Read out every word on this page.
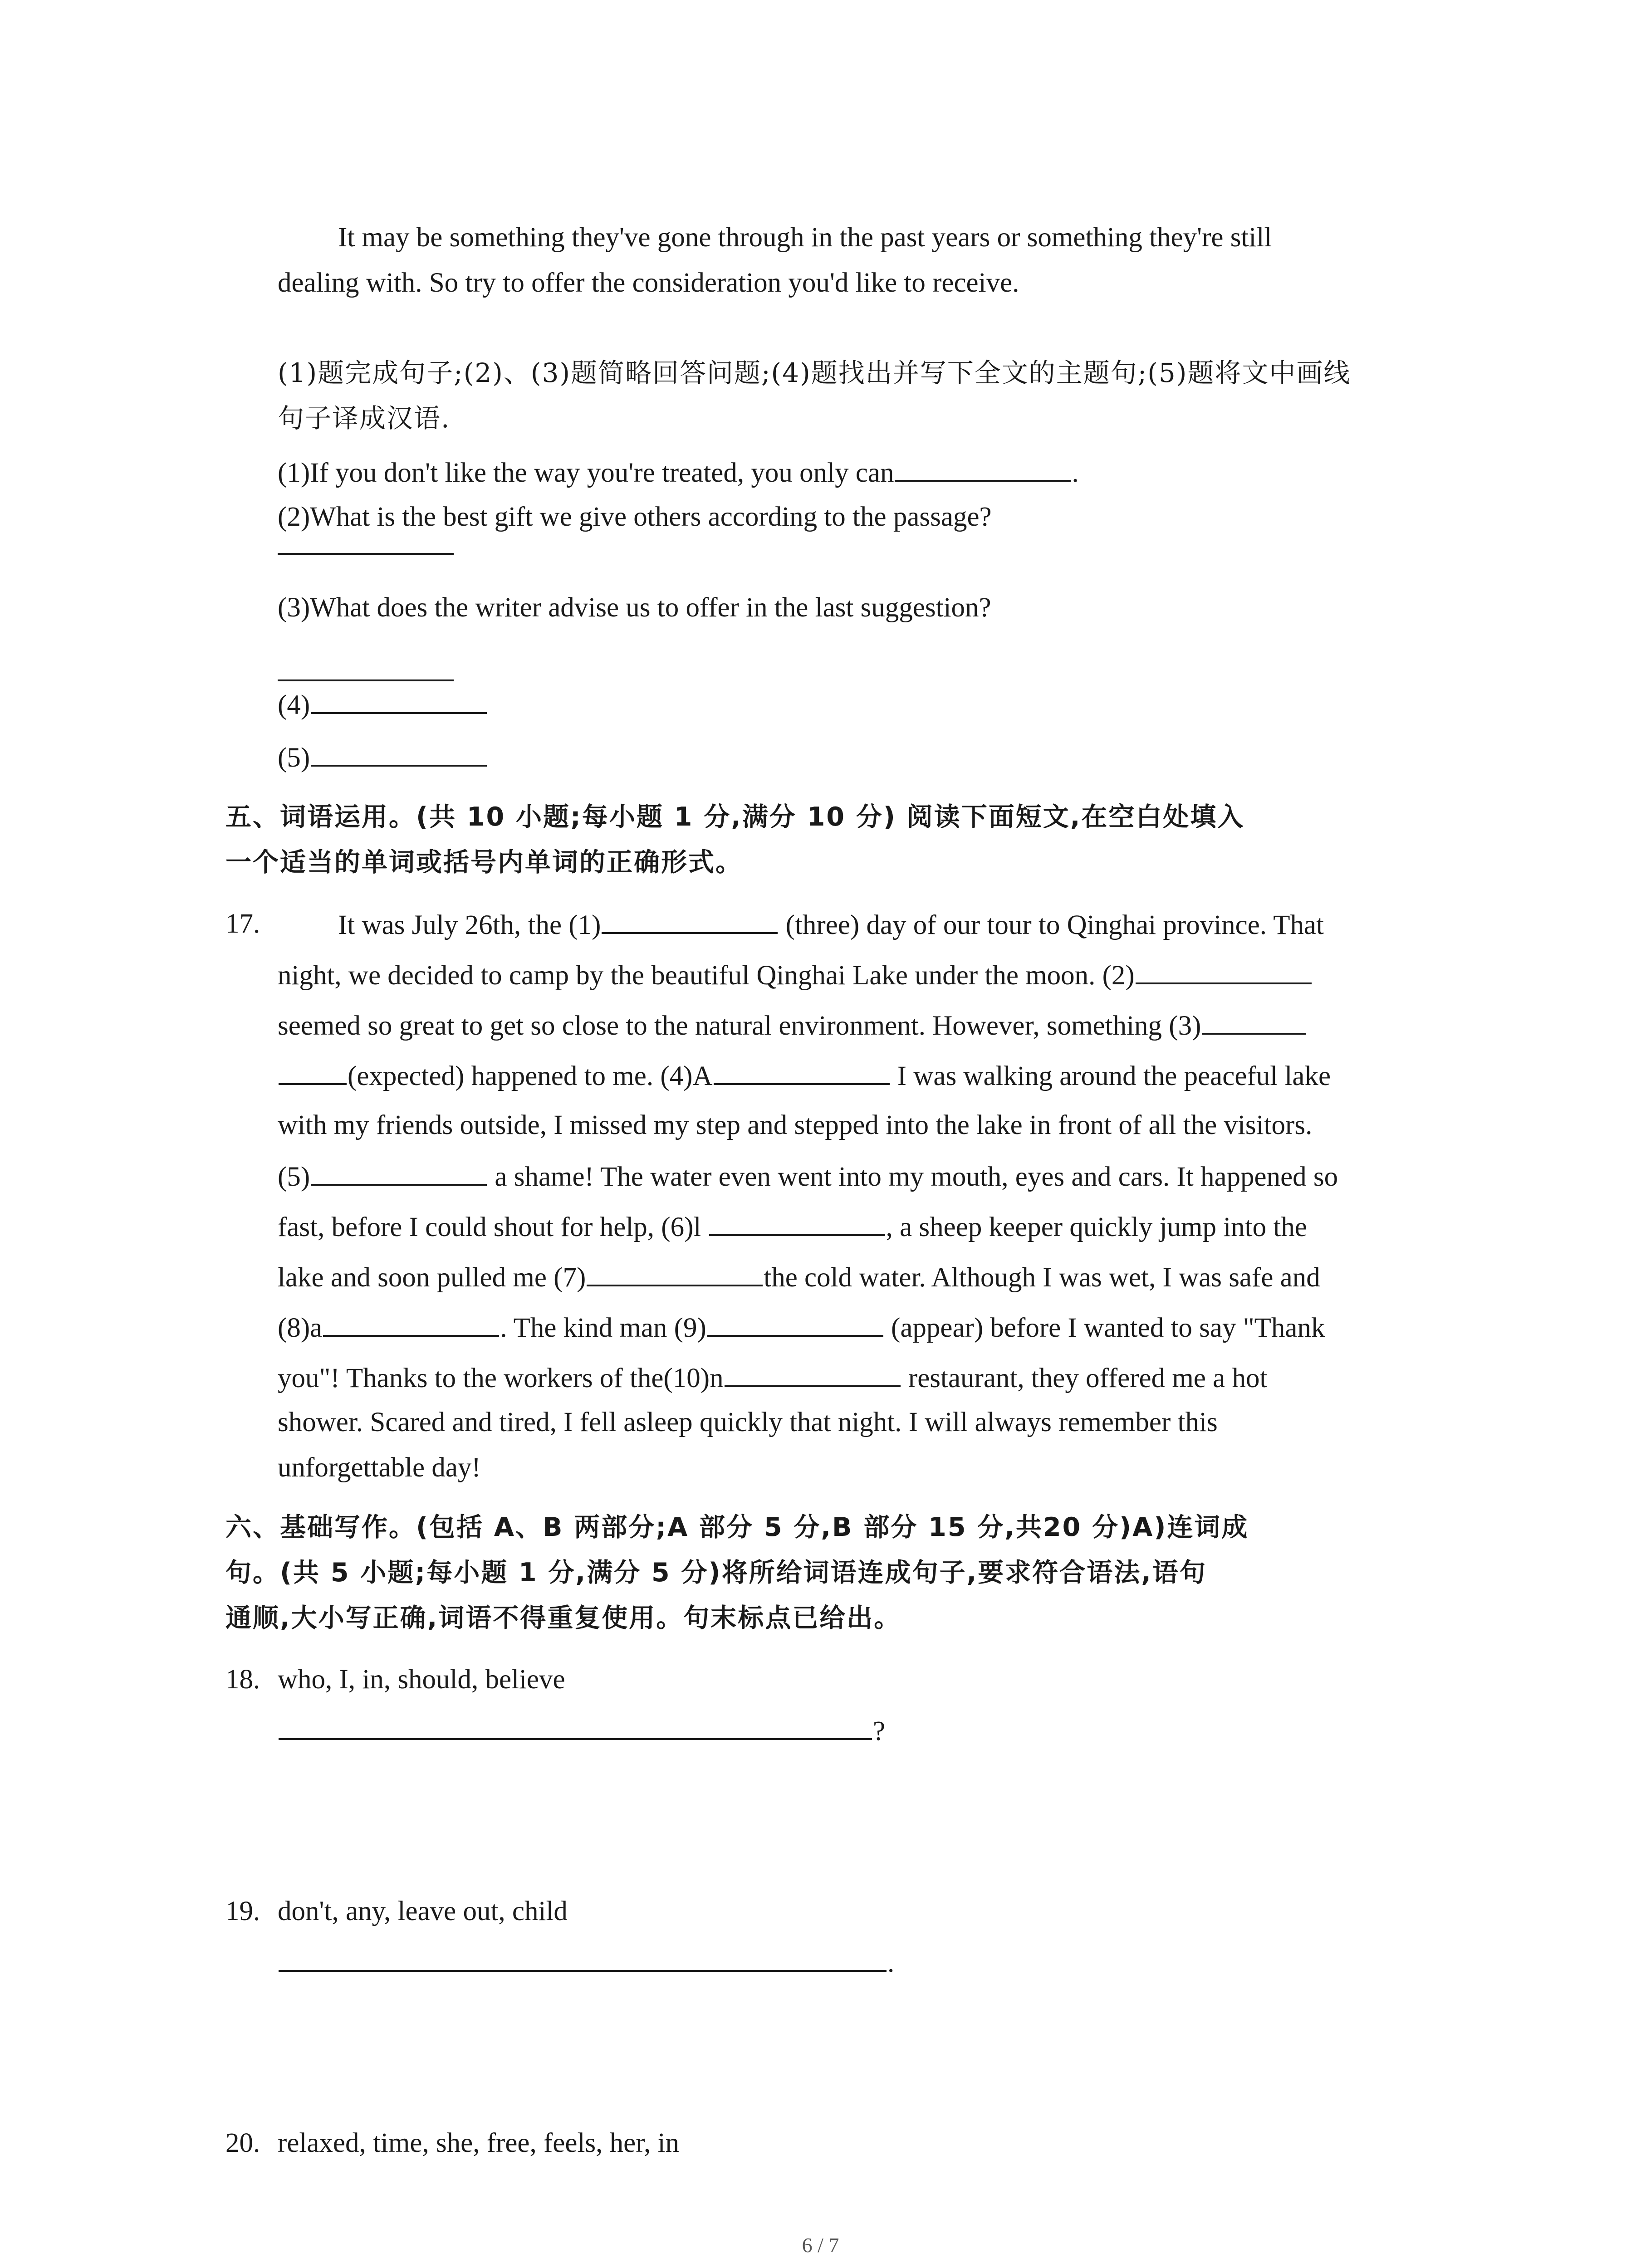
It may be something they've gone through in the past years or something they're still
dealing with. So try to offer the consideration you'd like to receive.
(1)题完成句子;(2)、(3)题简略回答问题;(4)题找出并写下全文的主题句;(5)题将文中画线
句子译成汉语.
(1)If you don't like the way you're treated, you only can	.
(2)What is the best gift we give others according to the passage?
(3)What does the writer advise us to offer in the last suggestion?
(4)
(5)
五、词语运用。(共 10 小题;每小题 1 分,满分 10 分) 阅读下面短文,在空白处填入
一个适当的单词或括号内单词的正确形式。
17.	It was July 26th, the (1)	(three) day of our tour to Qinghai province. That
night, we decided to camp by the beautiful Qinghai Lake under the moon. (2)
seemed so great to get so close to the natural environment. However, something (3)
(expected) happened to me. (4)A	I was walking around the peaceful lake
with my friends outside, I missed my step and stepped into the lake in front of all the visitors.
(5)	a shame! The water even went into my mouth, eyes and cars. It happened so
fast, before I could shout for help, (6)l	, a sheep keeper quickly jump into the
lake and soon pulled me (7)	the cold water. Although I was wet, I was safe and
(8)a	. The kind man (9)	(appear) before I wanted to say "Thank
you"! Thanks to the workers of the(10)n	restaurant, they offered me a hot
shower. Scared and tired, I fell asleep quickly that night. I will always remember this
unforgettable day!
六、基础写作。(包括 A、B 两部分;A 部分 5 分,B 部分 15 分,共20 分)A)连词成
句。(共 5 小题;每小题 1 分,满分 5 分)将所给词语连成句子,要求符合语法,语句
通顺,大小写正确,词语不得重复使用。句末标点已给出。
18. who, I, in, should, believe
?
19. don't, any, leave out, child
.
20. relaxed, time, she, free, feels, her, in
6 / 7
